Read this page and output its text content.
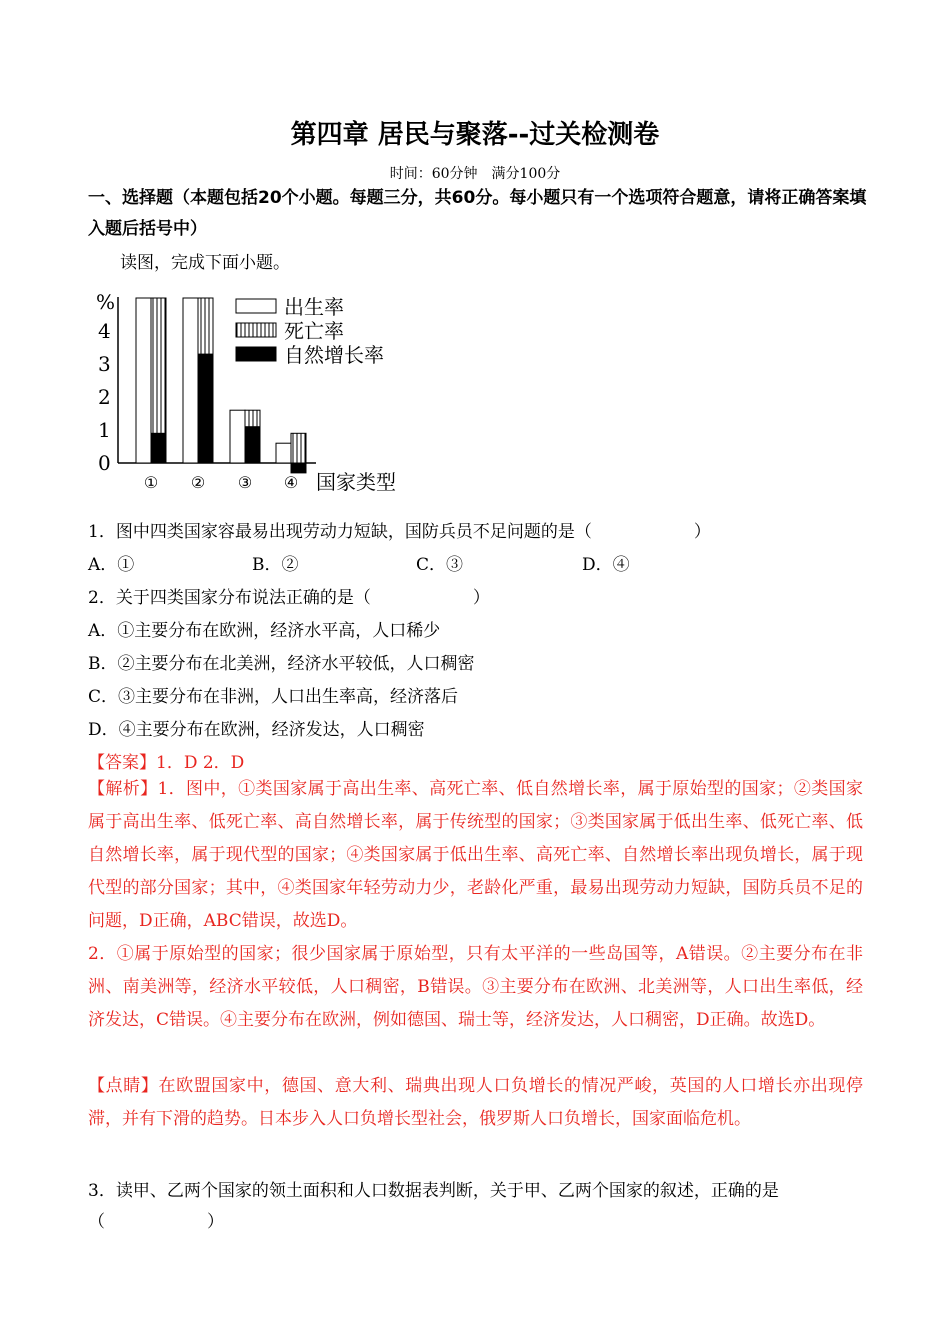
第四章 居民与聚落--过关检测卷
时间：60分钟　满分100分
一、选择题（本题包括20个小题。每题三分，共60分。每小题只有一个选项符合题意，请将正确答案填入题后括号中）
读图，完成下面小题。
%
0
1
2
3
4
① ② ③ ④ 国家类型
出生率
死亡率
自然增长率
1．图中四类国家容最易出现劳动力短缺，国防兵员不足问题的是（　　　　　　）
A．①	B．②	C．③	D．④
2．关于四类国家分布说法正确的是（　　　　　　）
A．①主要分布在欧洲，经济水平高，人口稀少
B．②主要分布在北美洲，经济水平较低，人口稠密
C．③主要分布在非洲，人口出生率高，经济落后
D．④主要分布在欧洲，经济发达，人口稠密
【答案】1．D 2．D
【解析】1．图中，①类国家属于高出生率、高死亡率、低自然增长率，属于原始型的国家；②类国家属于高出生率、低死亡率、高自然增长率，属于传统型的国家；③类国家属于低出生率、低死亡率、低自然增长率，属于现代型的国家；④类国家属于低出生率、高死亡率、自然增长率出现负增长，属于现代型的部分国家；其中，④类国家年轻劳动力少，老龄化严重，最易出现劳动力短缺，国防兵员不足的问题，D正确，ABC错误，故选D。
2．①属于原始型的国家；很少国家属于原始型，只有太平洋的一些岛国等，A错误。②主要分布在非洲、南美洲等，经济水平较低，人口稠密，B错误。③主要分布在欧洲、北美洲等，人口出生率低，经济发达，C错误。④主要分布在欧洲，例如德国、瑞士等，经济发达，人口稠密，D正确。故选D。
【点睛】在欧盟国家中，德国、意大利、瑞典出现人口负增长的情况严峻，英国的人口增长亦出现停滞，并有下滑的趋势。日本步入人口负增长型社会，俄罗斯人口负增长，国家面临危机。
3．读甲、乙两个国家的领土面积和人口数据表判断，关于甲、乙两个国家的叙述，正确的是
（　　　　　　）
